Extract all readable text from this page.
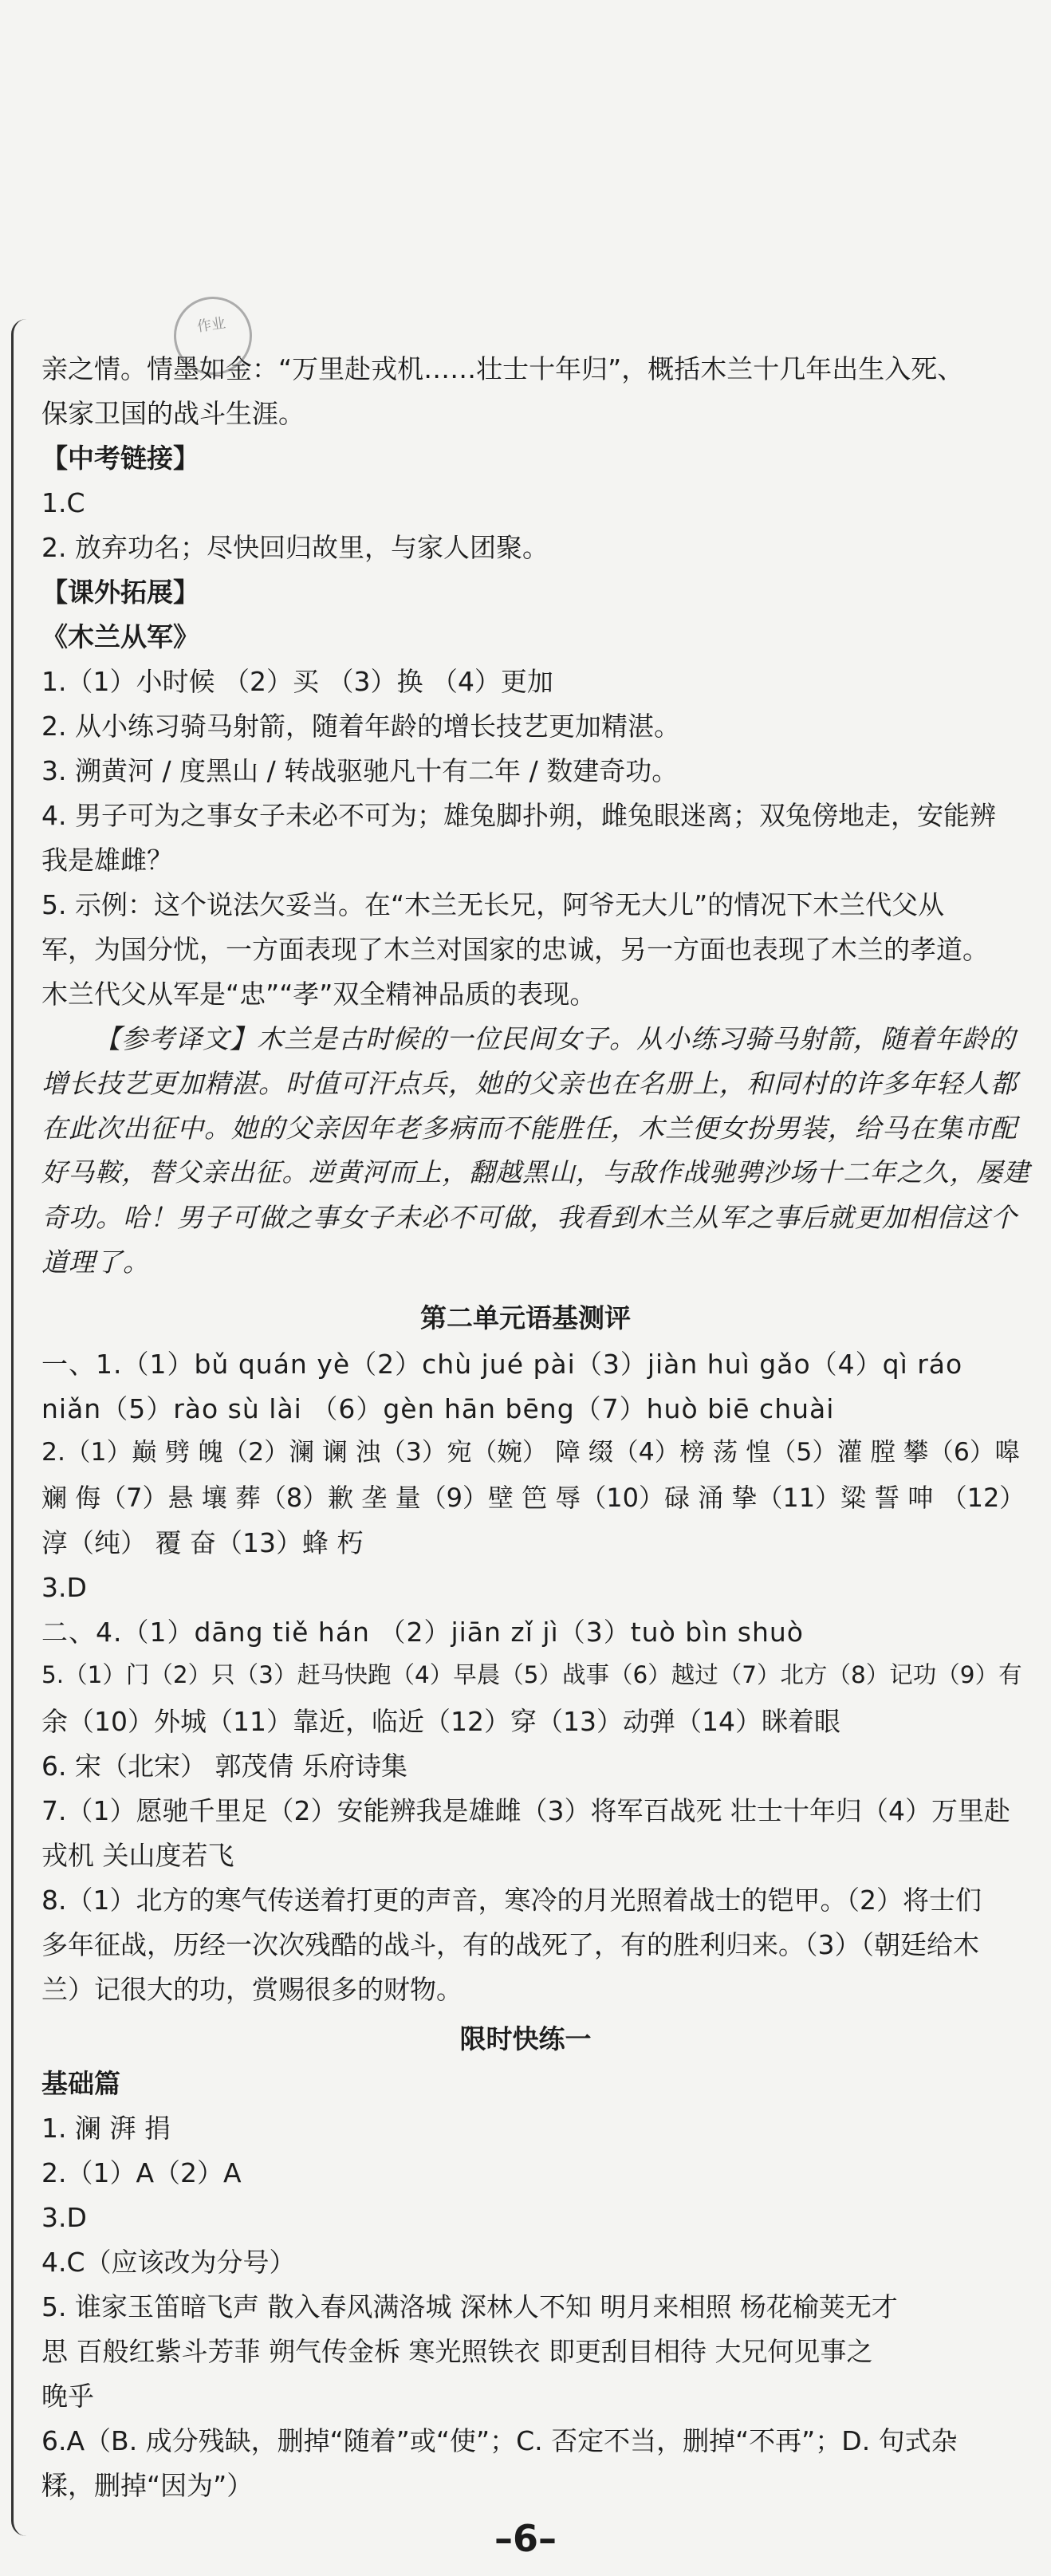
作业
亲之情。情墨如金：“万里赴戎机……壮士十年归”，概括木兰十几年出生入死、
保家卫国的战斗生涯。
【中考链接】
1.C
2. 放弃功名；尽快回归故里，与家人团聚。
【课外拓展】
《木兰从军》
1.（1）小时候 （2）买 （3）换 （4）更加
2. 从小练习骑马射箭，随着年龄的增长技艺更加精湛。
3. 溯黄河 / 度黑山 / 转战驱驰凡十有二年 / 数建奇功。
4. 男子可为之事女子未必不可为；雄兔脚扑朔，雌兔眼迷离；双兔傍地走，安能辨
我是雄雌？
5. 示例：这个说法欠妥当。在“木兰无长兄，阿爷无大儿”的情况下木兰代父从
军，为国分忧，一方面表现了木兰对国家的忠诚，另一方面也表现了木兰的孝道。
木兰代父从军是“忠”“孝”双全精神品质的表现。
【参考译文】木兰是古时候的一位民间女子。从小练习骑马射箭，随着年龄的
增长技艺更加精湛。时值可汗点兵，她的父亲也在名册上，和同村的许多年轻人都
在此次出征中。她的父亲因年老多病而不能胜任，木兰便女扮男装，给马在集市配
好马鞍，替父亲出征。逆黄河而上，翻越黑山，与敌作战驰骋沙场十二年之久，屡建
奇功。哈！男子可做之事女子未必不可做，我看到木兰从军之事后就更加相信这个
道理了。
第二单元语基测评
一、1.（1）bǔ quán yè（2）chù jué pài（3）jiàn huì gǎo（4）qì ráo
niǎn（5）rào sù lài （6）gèn hān bēng（7）huò biē chuài
2.（1）巅 劈 魄（2）澜 谰 浊（3）宛（婉） 障 缀（4）榜 荡 惶（5）灌 膛 攀（6）嗥
斓 侮（7）悬 壤 葬（8）歉 垄 量（9）壁 笆 辱（10）碌 涌 挚（11）粱 誓 呻 （12）
淳（纯） 覆 奋（13）蜂 朽
3.D
二、4.（1）dāng tiě hán （2）jiān zǐ jì（3）tuò bìn shuò
5.（1）门（2）只（3）赶马快跑（4）早晨（5）战事（6）越过（7）北方（8）记功（9）有
余（10）外城（11）靠近，临近（12）穿（13）动弹（14）眯着眼
6. 宋（北宋） 郭茂倩 乐府诗集
7.（1）愿驰千里足（2）安能辨我是雄雌（3）将军百战死 壮士十年归（4）万里赴
戎机 关山度若飞
8.（1）北方的寒气传送着打更的声音，寒冷的月光照着战士的铠甲。（2）将士们
多年征战，历经一次次残酷的战斗，有的战死了，有的胜利归来。（3）（朝廷给木
兰）记很大的功，赏赐很多的财物。
限时快练一
基础篇
1. 澜 湃 捐
2.（1）A（2）A
3.D
4.C（应该改为分号）
5. 谁家玉笛暗飞声 散入春风满洛城 深林人不知 明月来相照 杨花榆荚无才
思 百般红紫斗芳菲 朔气传金柝 寒光照铁衣 即更刮目相待 大兄何见事之
晚乎
6.A（B. 成分残缺，删掉“随着”或“使”；C. 否定不当，删掉“不再”；D. 句式杂
糅，删掉“因为”）
–6–
